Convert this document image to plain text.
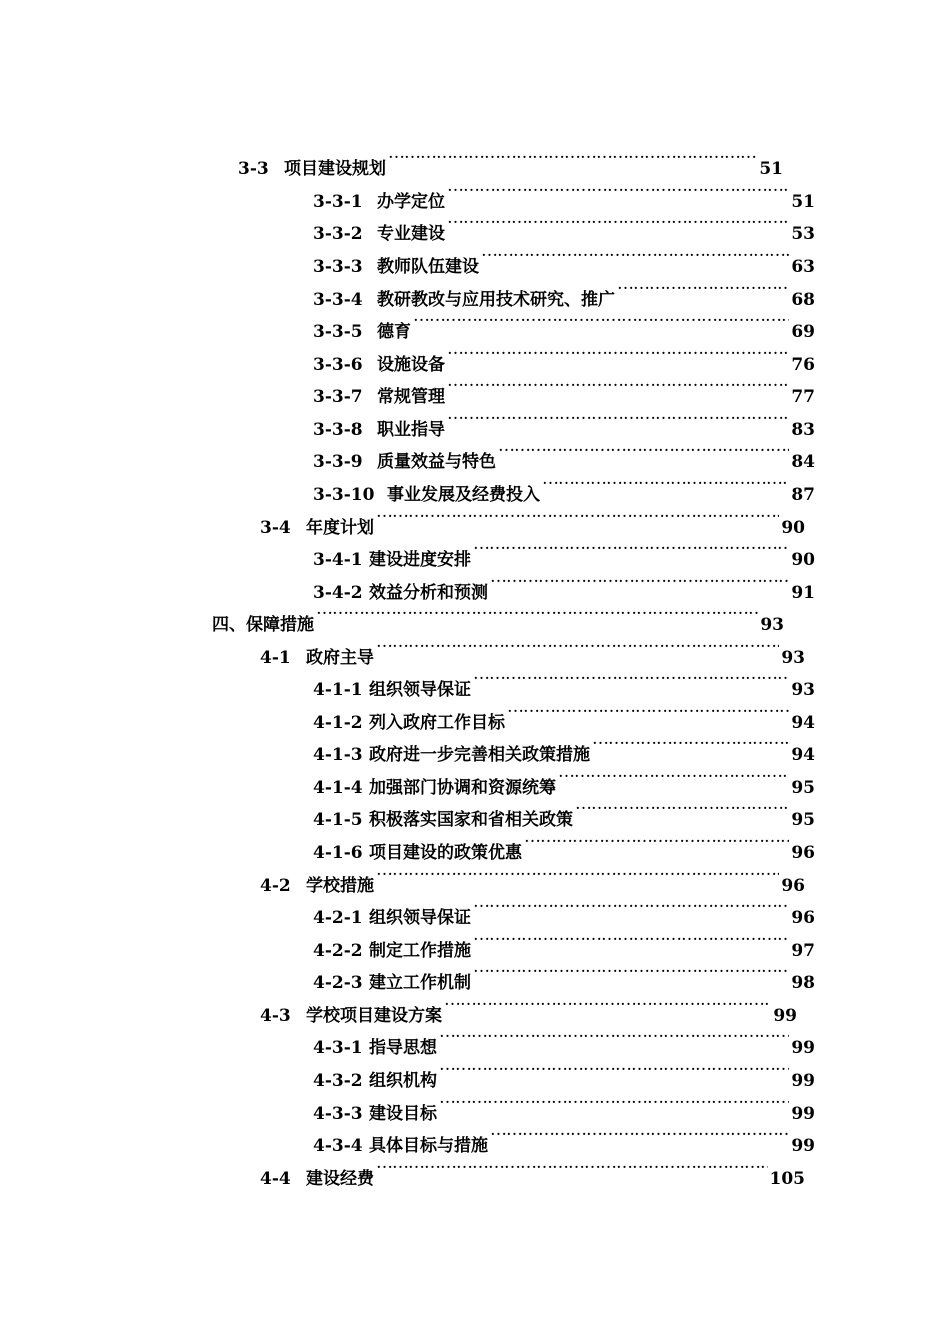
3-3 项目建设规划 …………………………………………………………………………………………………………………………………………………………	51
3-3-1 办学定位 …………………………………………………………………………………………………………………………………………………………	51
3-3-2 专业建设 …………………………………………………………………………………………………………………………………………………………	53
3-3-3 教师队伍建设 …………………………………………………………………………………………………………………………………………………………	63
3-3-4 教研教改与应用技术研究、推广 …………………………………………………………………………………………………………………………………………………………	68
3-3-5 德育 …………………………………………………………………………………………………………………………………………………………	69
3-3-6 设施设备 …………………………………………………………………………………………………………………………………………………………	76
3-3-7 常规管理 …………………………………………………………………………………………………………………………………………………………	77
3-3-8 职业指导 …………………………………………………………………………………………………………………………………………………………	83
3-3-9 质量效益与特色 …………………………………………………………………………………………………………………………………………………………	84
3-3-10 事业发展及经费投入 …………………………………………………………………………………………………………………………………………………………	87
3-4 年度计划 …………………………………………………………………………………………………………………………………………………………	90
3-4-1 建设进度安排 …………………………………………………………………………………………………………………………………………………………	90
3-4-2 效益分析和预测 …………………………………………………………………………………………………………………………………………………………	91
四、保障措施 …………………………………………………………………………………………………………………………………………………………	93
4-1 政府主导 …………………………………………………………………………………………………………………………………………………………	93
4-1-1 组织领导保证 …………………………………………………………………………………………………………………………………………………………	93
4-1-2 列入政府工作目标 …………………………………………………………………………………………………………………………………………………………	94
4-1-3 政府进一步完善相关政策措施 …………………………………………………………………………………………………………………………………………………………	94
4-1-4 加强部门协调和资源统筹 …………………………………………………………………………………………………………………………………………………………	95
4-1-5 积极落实国家和省相关政策 …………………………………………………………………………………………………………………………………………………………	95
4-1-6 项目建设的政策优惠 …………………………………………………………………………………………………………………………………………………………	96
4-2 学校措施 …………………………………………………………………………………………………………………………………………………………	96
4-2-1 组织领导保证 …………………………………………………………………………………………………………………………………………………………	96
4-2-2 制定工作措施 …………………………………………………………………………………………………………………………………………………………	97
4-2-3 建立工作机制 …………………………………………………………………………………………………………………………………………………………	98
4-3 学校项目建设方案 …………………………………………………………………………………………………………………………………………………………	99
4-3-1 指导思想 …………………………………………………………………………………………………………………………………………………………	99
4-3-2 组织机构 …………………………………………………………………………………………………………………………………………………………	99
4-3-3 建设目标 …………………………………………………………………………………………………………………………………………………………	99
4-3-4 具体目标与措施 …………………………………………………………………………………………………………………………………………………………	99
4-4 建设经费 …………………………………………………………………………………………………………………………………………………………	105
